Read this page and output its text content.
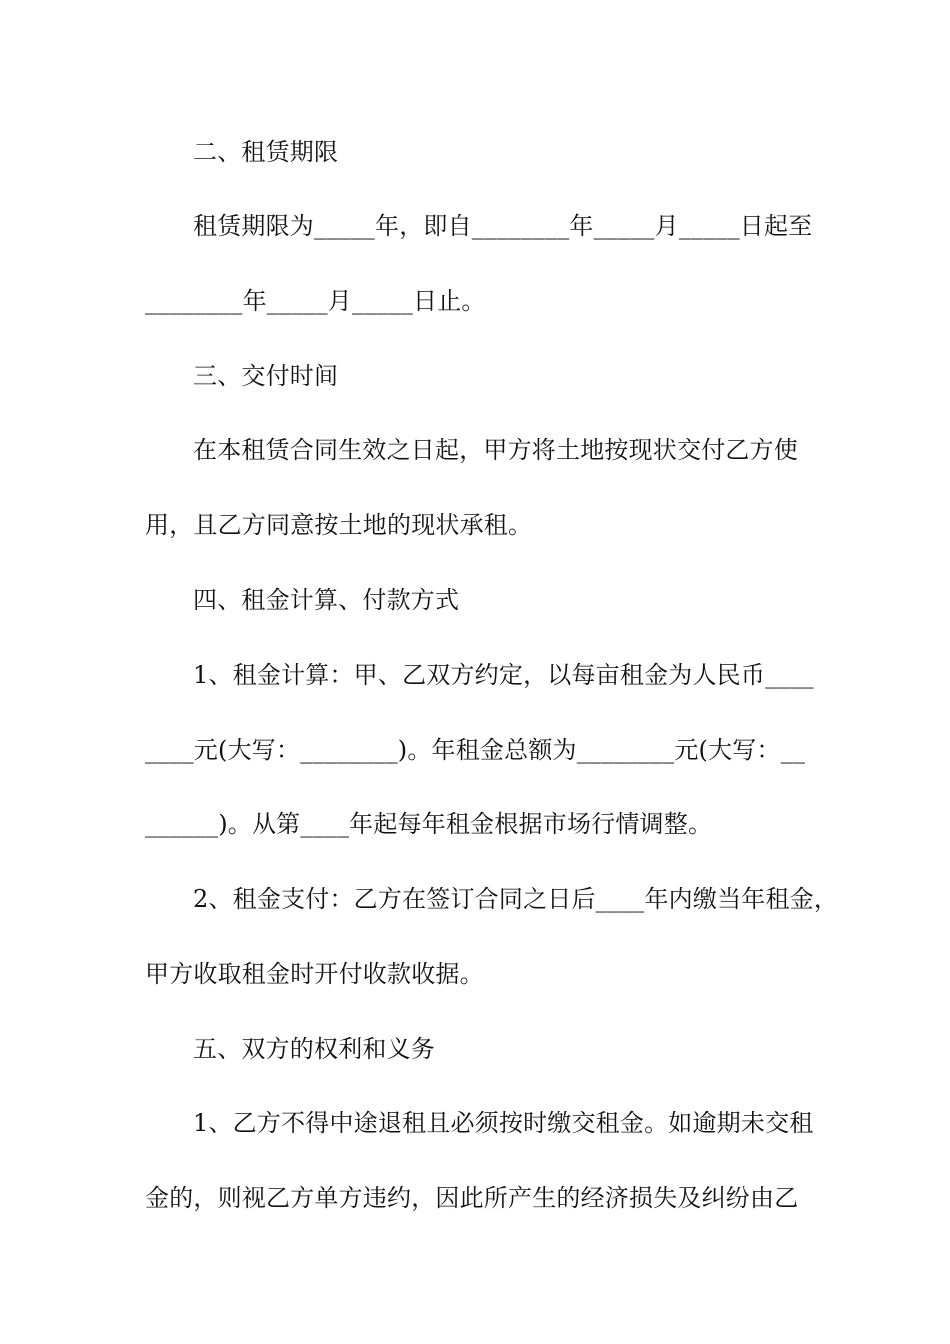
二、租赁期限
租赁期限为_____年，即自________年_____月_____日起至
________年_____月_____日止。
三、交付时间
在本租赁合同生效之日起，甲方将土地按现状交付乙方使
用，且乙方同意按土地的现状承租。
四、租金计算、付款方式
1、租金计算：甲、乙双方约定，以每亩租金为人民币____
____元(大写：________)。年租金总额为________元(大写：__
______)。从第____年起每年租金根据市场行情调整。
2、租金支付：乙方在签订合同之日后____年内缴当年租金，
甲方收取租金时开付收款收据。
五、双方的权利和义务
1、乙方不得中途退租且必须按时缴交租金。如逾期未交租
金的，则视乙方单方违约，因此所产生的经济损失及纠纷由乙
